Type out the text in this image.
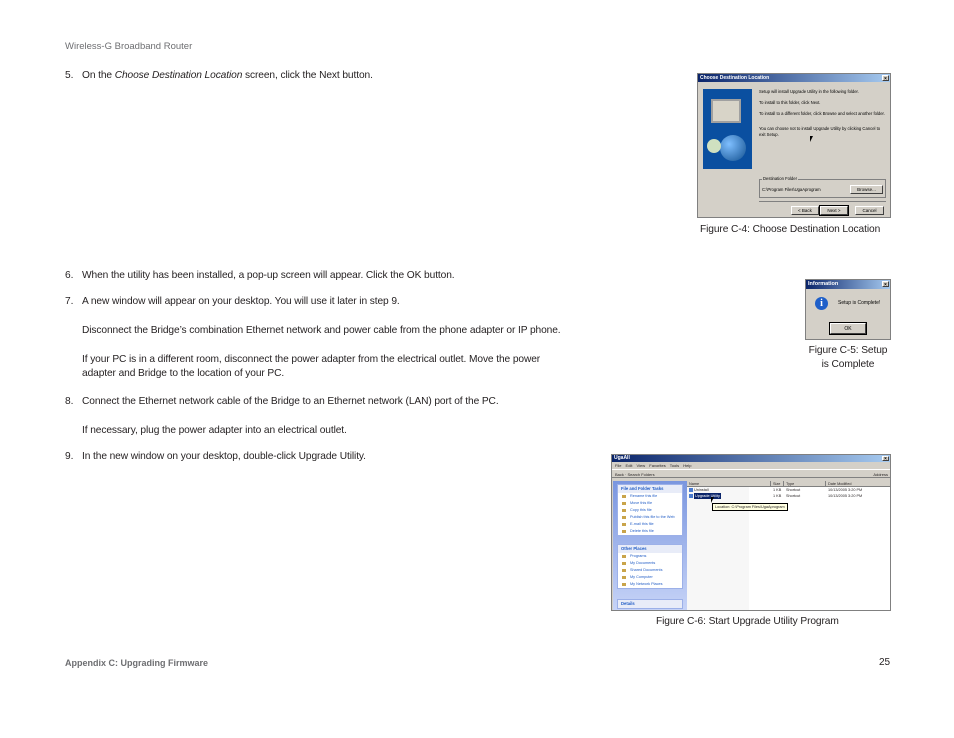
Wireless-G Broadband Router
5. On the Choose Destination Location screen, click the Next button.
6. When the utility has been installed, a pop-up screen will appear. Click the OK button.
7. A new window will appear on your desktop. You will use it later in step 9.
Disconnect the Bridge’s combination Ethernet network and power cable from the phone adapter or IP phone.
If your PC is in a different room, disconnect the power adapter from the electrical outlet. Move the power
adapter and Bridge to the location of your PC.
8. Connect the Ethernet network cable of the Bridge to an Ethernet network (LAN) port of the PC.
If necessary, plug the power adapter into an electrical outlet.
9. In the new window on your desktop, double-click Upgrade Utility.
Choose Destination Location	×
Setup will install Upgrade Utility in the following folder.
To install to this folder, click Next.
To install to a different folder, click Browse and select another folder.
You can choose not to install Upgrade Utility by clicking Cancel to exit Setup.
Destination Folder
C:\Program Files\UgaAprogram	Browse...
< Back	Next >	Cancel
Figure C-4: Choose Destination Location
Information	×
i	Setup is Complete!
OK
Figure C-5: Setup
is Complete
UgaAll	×
File Edit View Favorites Tools Help
Back · Search Folders	Address
File and Folder Tasks
Rename this file
Move this file
Copy this file
Publish this file to the Web
E-mail this file
Delete this file
Other Places
Programs
My Documents
Shared Documents
My Computer
My Network Places
Details
Name	Size	Type	Date Modified
Uninstall	1 KB Shortcut	10/13/2005 3:20 PM
Upgrade Utility	1 KB Shortcut	10/13/2005 3:20 PM
Location: C:\Program Files\UgaAprogram
Figure C-6: Start Upgrade Utility Program
Appendix C: Upgrading Firmware	25
